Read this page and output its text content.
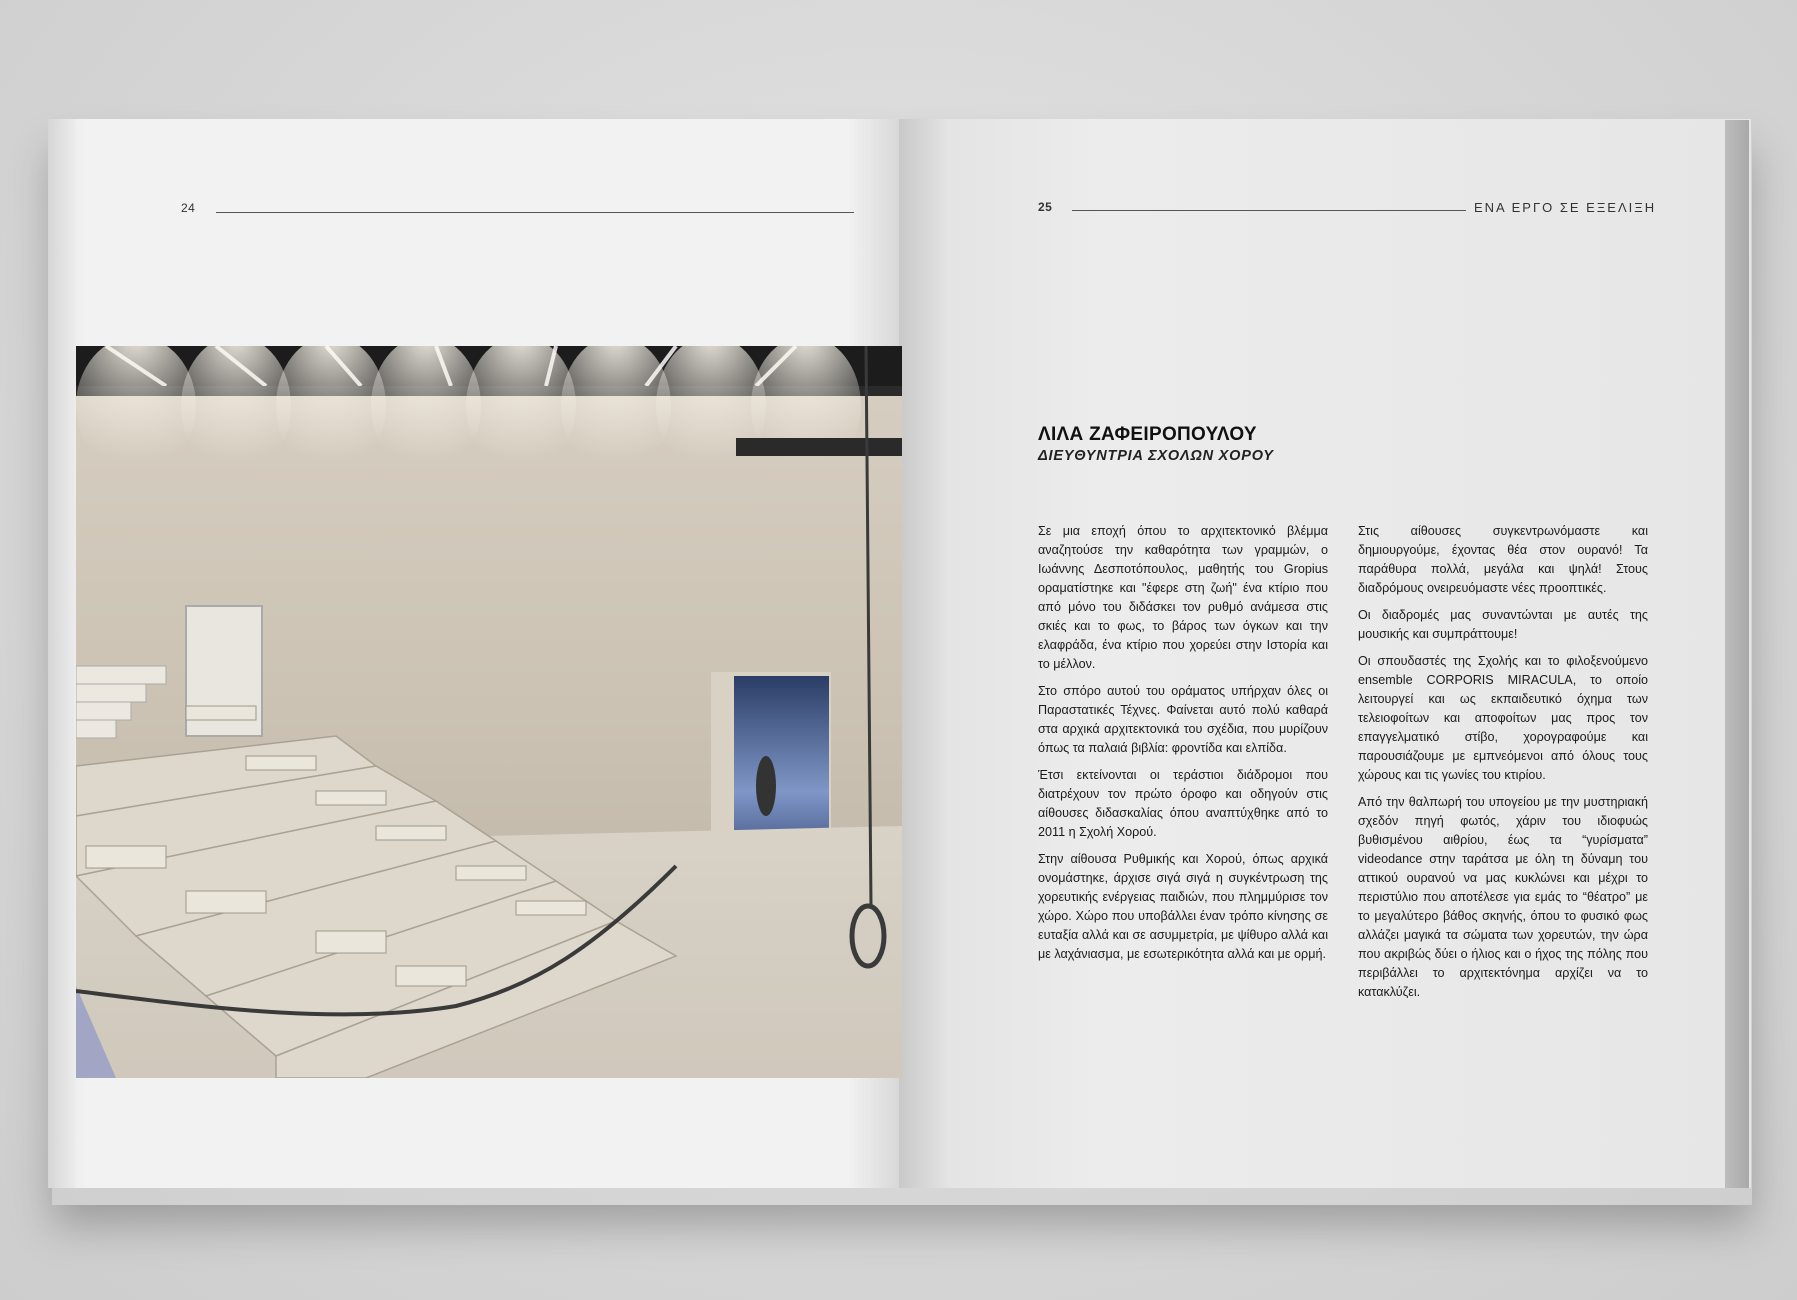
24	25	ΕΝΑ ΕΡΓΟ ΣΕ ΕΞΕΛΙΞΗ
ΛΙΛΑ ΖΑΦΕΙΡΟΠΟΥΛΟΥ
ΔΙΕΥΘΥΝΤΡΙΑ ΣΧΟΛΩΝ ΧΟΡΟΥ

Σε μια εποχή όπου το αρχιτεκτονικό βλέμμα αναζητούσε την καθαρότητα των γραμμών, ο Ιωάννης Δεσποτόπουλος, μαθητής του Gropius οραματίστηκε και "έφερε στη ζωή" ένα κτίριο που από μόνο του διδάσκει τον ρυθμό ανάμεσα στις σκιές και το φως, το βάρος των όγκων και την ελαφράδα, ένα κτίριο που χορεύει στην Ιστορία και το μέλλον.

Στο σπόρο αυτού του οράματος υπήρχαν όλες οι Παραστατικές Τέχνες. Φαίνεται αυτό πολύ καθαρά στα αρχικά αρχιτεκτονικά του σχέδια, που μυρίζουν όπως τα παλαιά βιβλία: φροντίδα και ελπίδα.

Έτσι εκτείνονται οι τεράστιοι διάδρομοι που διατρέχουν τον πρώτο όροφο και οδηγούν στις αίθουσες διδασκαλίας όπου αναπτύχθηκε από το 2011 η Σχολή Χορού.

Στην αίθουσα Ρυθμικής και Χορού, όπως αρχικά ονομάστηκε, άρχισε σιγά σιγά η συγκέντρωση της χορευτικής ενέργειας παιδιών, που πλημμύρισε τον χώρο. Χώρο που υποβάλλει έναν τρόπο κίνησης σε ευταξία αλλά και σε ασυμμετρία, με ψίθυρο αλλά και με λαχάνιασμα, με εσωτερικότητα αλλά και με ορμή.

Στις αίθουσες συγκεντρωνόμαστε και δημιουργούμε, έχοντας θέα στον ουρανό! Τα παράθυρα πολλά, μεγάλα και ψηλά! Στους διαδρόμους ονειρευόμαστε νέες προοπτικές.

Οι διαδρομές μας συναντώνται με αυτές της μουσικής και συμπράττουμε!

Οι σπουδαστές της Σχολής και το φιλοξενούμενο ensemble CORPORIS MIRACULA, το οποίο λειτουργεί και ως εκπαιδευτικό όχημα των τελειοφοίτων και αποφοίτων μας προς τον επαγγελματικό στίβο, χορογραφούμε και παρουσιάζουμε με εμπνεόμενοι από όλους τους χώρους και τις γωνίες του κτιρίου.

Από την θαλπωρή του υπογείου με την μυστηριακή σχεδόν πηγή φωτός, χάριν του ιδιοφυώς βυθισμένου αιθρίου, έως τα “γυρίσματα” videodance στην ταράτσα με όλη τη δύναμη του αττικού ουρανού να μας κυκλώνει και μέχρι το περιστύλιο που αποτέλεσε για εμάς το “θέατρο” με το μεγαλύτερο βάθος σκηνής, όπου το φυσικό φως αλλάζει μαγικά τα σώματα των χορευτών, την ώρα που ακριβώς δύει ο ήλιος και ο ήχος της πόλης που περιβάλλει το αρχιτεκτόνημα αρχίζει να το κατακλύζει.
